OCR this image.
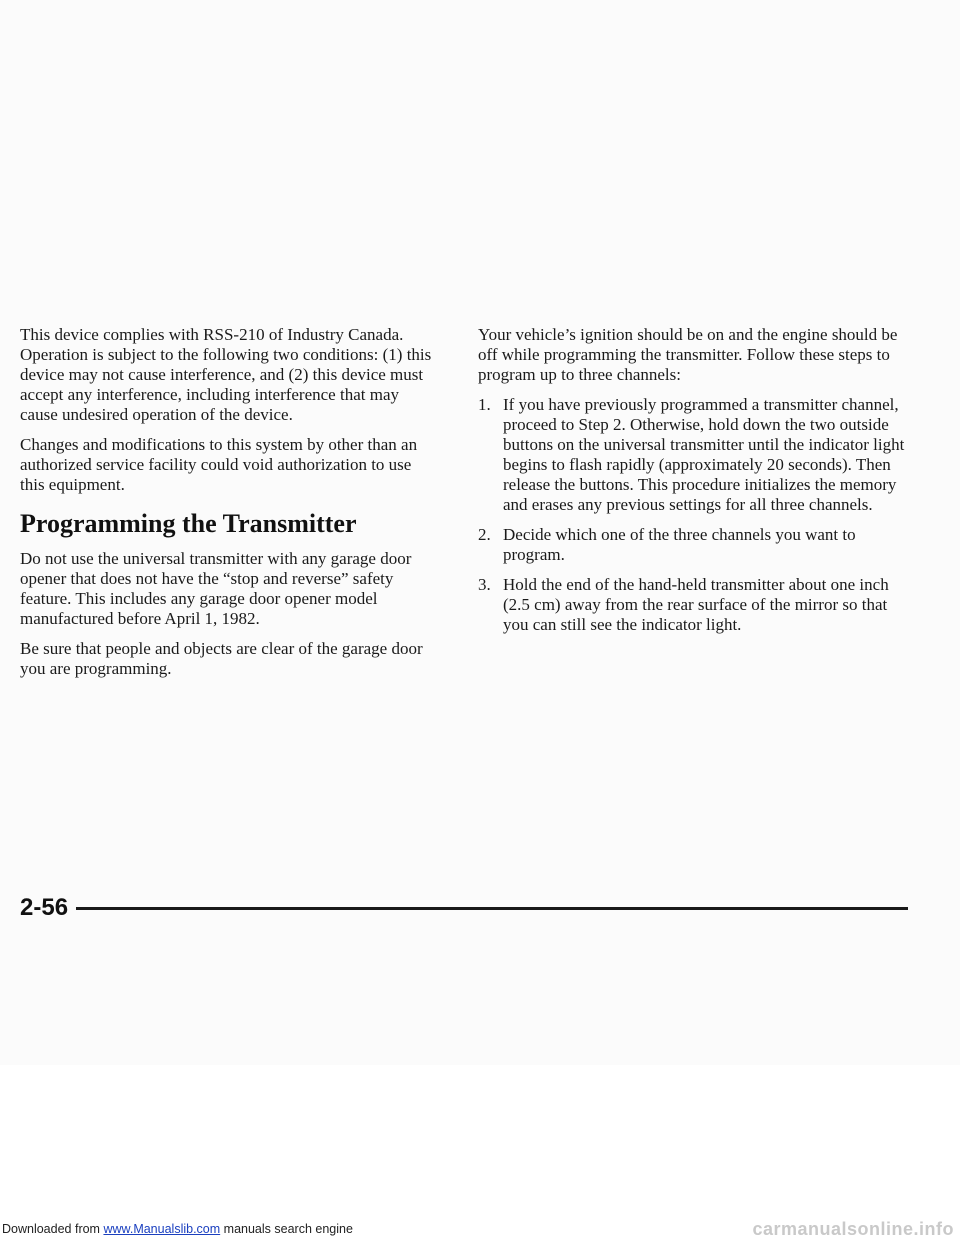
This device complies with RSS-210 of Industry Canada. Operation is subject to the following two conditions: (1) this device may not cause interference, and (2) this device must accept any interference, including interference that may cause undesired operation of the device.

Changes and modifications to this system by other than an authorized service facility could void authorization to use this equipment.

Programming the Transmitter

Do not use the universal transmitter with any garage door opener that does not have the “stop and reverse” safety feature. This includes any garage door opener model manufactured before April 1, 1982.

Be sure that people and objects are clear of the garage door you are programming.

Your vehicle’s ignition should be on and the engine should be off while programming the transmitter. Follow these steps to program up to three channels:

1. If you have previously programmed a transmitter channel, proceed to Step 2. Otherwise, hold down the two outside buttons on the universal transmitter until the indicator light begins to flash rapidly (approximately 20 seconds). Then release the buttons. This procedure initializes the memory and erases any previous settings for all three channels.
2. Decide which one of the three channels you want to program.
3. Hold the end of the hand-held transmitter about one inch (2.5 cm) away from the rear surface of the mirror so that you can still see the indicator light.
2-56
Downloaded from www.Manualslib.com manuals search engine	carmanualsonline.info
